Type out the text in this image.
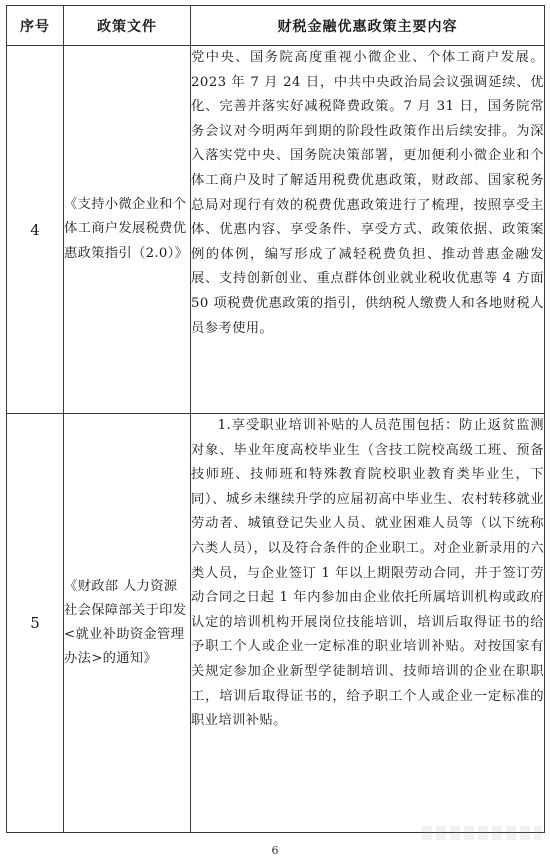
序号	政策文件	财税金融优惠政策主要内容
4	《支持小微企业和个体工商户发展税费优惠政策指引（2.0）》	党中央、国务院高度重视小微企业、个体工商户发展。2023 年 7 月 24 日，中共中央政治局会议强调延续、优化、完善并落实好减税降费政策。7 月 31 日，国务院常务会议对今明两年到期的阶段性政策作出后续安排。为深入落实党中央、国务院决策部署，更加便利小微企业和个体工商户及时了解适用税费优惠政策，财政部、国家税务总局对现行有效的税费优惠政策进行了梳理，按照享受主体、优惠内容、享受条件、享受方式、政策依据、政策案例的体例，编写形成了减轻税费负担、推动普惠金融发展、支持创新创业、重点群体创业就业税收优惠等 4 方面 50 项税费优惠政策的指引，供纳税人缴费人和各地财税人员参考使用。

5	《财政部 人力资源社会保障部关于印发<就业补助资金管理办法>的通知》	1.享受职业培训补贴的人员范围包括：防止返贫监测对象、毕业年度高校毕业生（含技工院校高级工班、预备技师班、技师班和特殊教育院校职业教育类毕业生，下同）、城乡未继续升学的应届初高中毕业生、农村转移就业劳动者、城镇登记失业人员、就业困难人员等（以下统称六类人员），以及符合条件的企业职工。对企业新录用的六类人员，与企业签订 1 年以上期限劳动合同，并于签订劳动合同之日起 1 年内参加由企业依托所属培训机构或政府认定的培训机构开展岗位技能培训，培训后取得证书的给予职工个人或企业一定标准的职业培训补贴。对按国家有关规定参加企业新型学徒制培训、技师培训的企业在职职工，培训后取得证书的，给予职工个人或企业一定标准的职业培训补贴。

6
